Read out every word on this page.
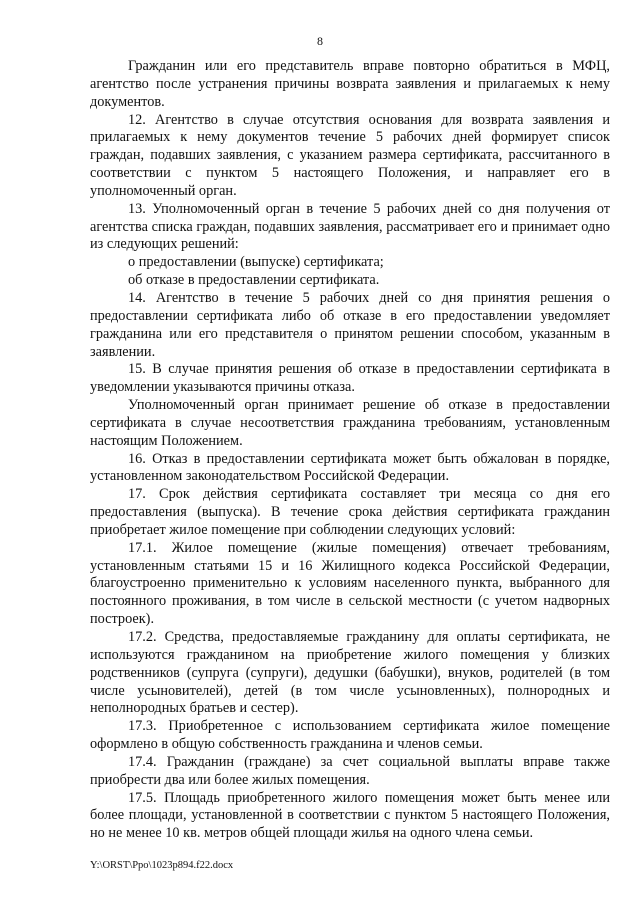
8

Гражданин или его представитель вправе повторно обратиться в МФЦ, агентство после устранения причины возврата заявления и прилагаемых к нему документов.

12. Агентство в случае отсутствия основания для возврата заявления и прилагаемых к нему документов течение 5 рабочих дней формирует список граждан, подавших заявления, с указанием размера сертификата, рассчитанного в соответствии с пунктом 5 настоящего Положения, и направляет его в уполномоченный орган.

13. Уполномоченный орган в течение 5 рабочих дней со дня получения от агентства списка граждан, подавших заявления, рассматривает его и принимает одно из следующих решений:

о предоставлении (выпуске) сертификата;

об отказе в предоставлении сертификата.

14. Агентство в течение 5 рабочих дней со дня принятия решения о предоставлении сертификата либо об отказе в его предоставлении уведомляет гражданина или его представителя о принятом решении способом, указанным в заявлении.

15. В случае принятия решения об отказе в предоставлении сертификата в уведомлении указываются причины отказа.

Уполномоченный орган принимает решение об отказе в предоставлении сертификата в случае несоответствия гражданина требованиям, установленным настоящим Положением.

16. Отказ в предоставлении сертификата может быть обжалован в порядке, установленном законодательством Российской Федерации.

17. Срок действия сертификата составляет три месяца со дня его предоставления (выпуска). В течение срока действия сертификата гражданин приобретает жилое помещение при соблюдении следующих условий:

17.1. Жилое помещение (жилые помещения) отвечает требованиям, установленным статьями 15 и 16 Жилищного кодекса Российской Федерации, благоустроенно применительно к условиям населенного пункта, выбранного для постоянного проживания, в том числе в сельской местности (с учетом надворных построек).

17.2. Средства, предоставляемые гражданину для оплаты сертификата, не используются гражданином на приобретение жилого помещения у близких родственников (супруга (супруги), дедушки (бабушки), внуков, родителей (в том числе усыновителей), детей (в том числе усыновленных), полнородных и неполнородных братьев и сестер).

17.3. Приобретенное с использованием сертификата жилое помещение оформлено в общую собственность гражданина и членов семьи.

17.4. Гражданин (граждане) за счет социальной выплаты вправе также приобрести два или более жилых помещения.

17.5. Площадь приобретенного жилого помещения может быть менее или более площади, установленной в соответствии с пунктом 5 настоящего Положения, но не менее 10 кв. метров общей площади жилья на одного члена семьи.

Y:\ORST\Ppo\1023p894.f22.docx
